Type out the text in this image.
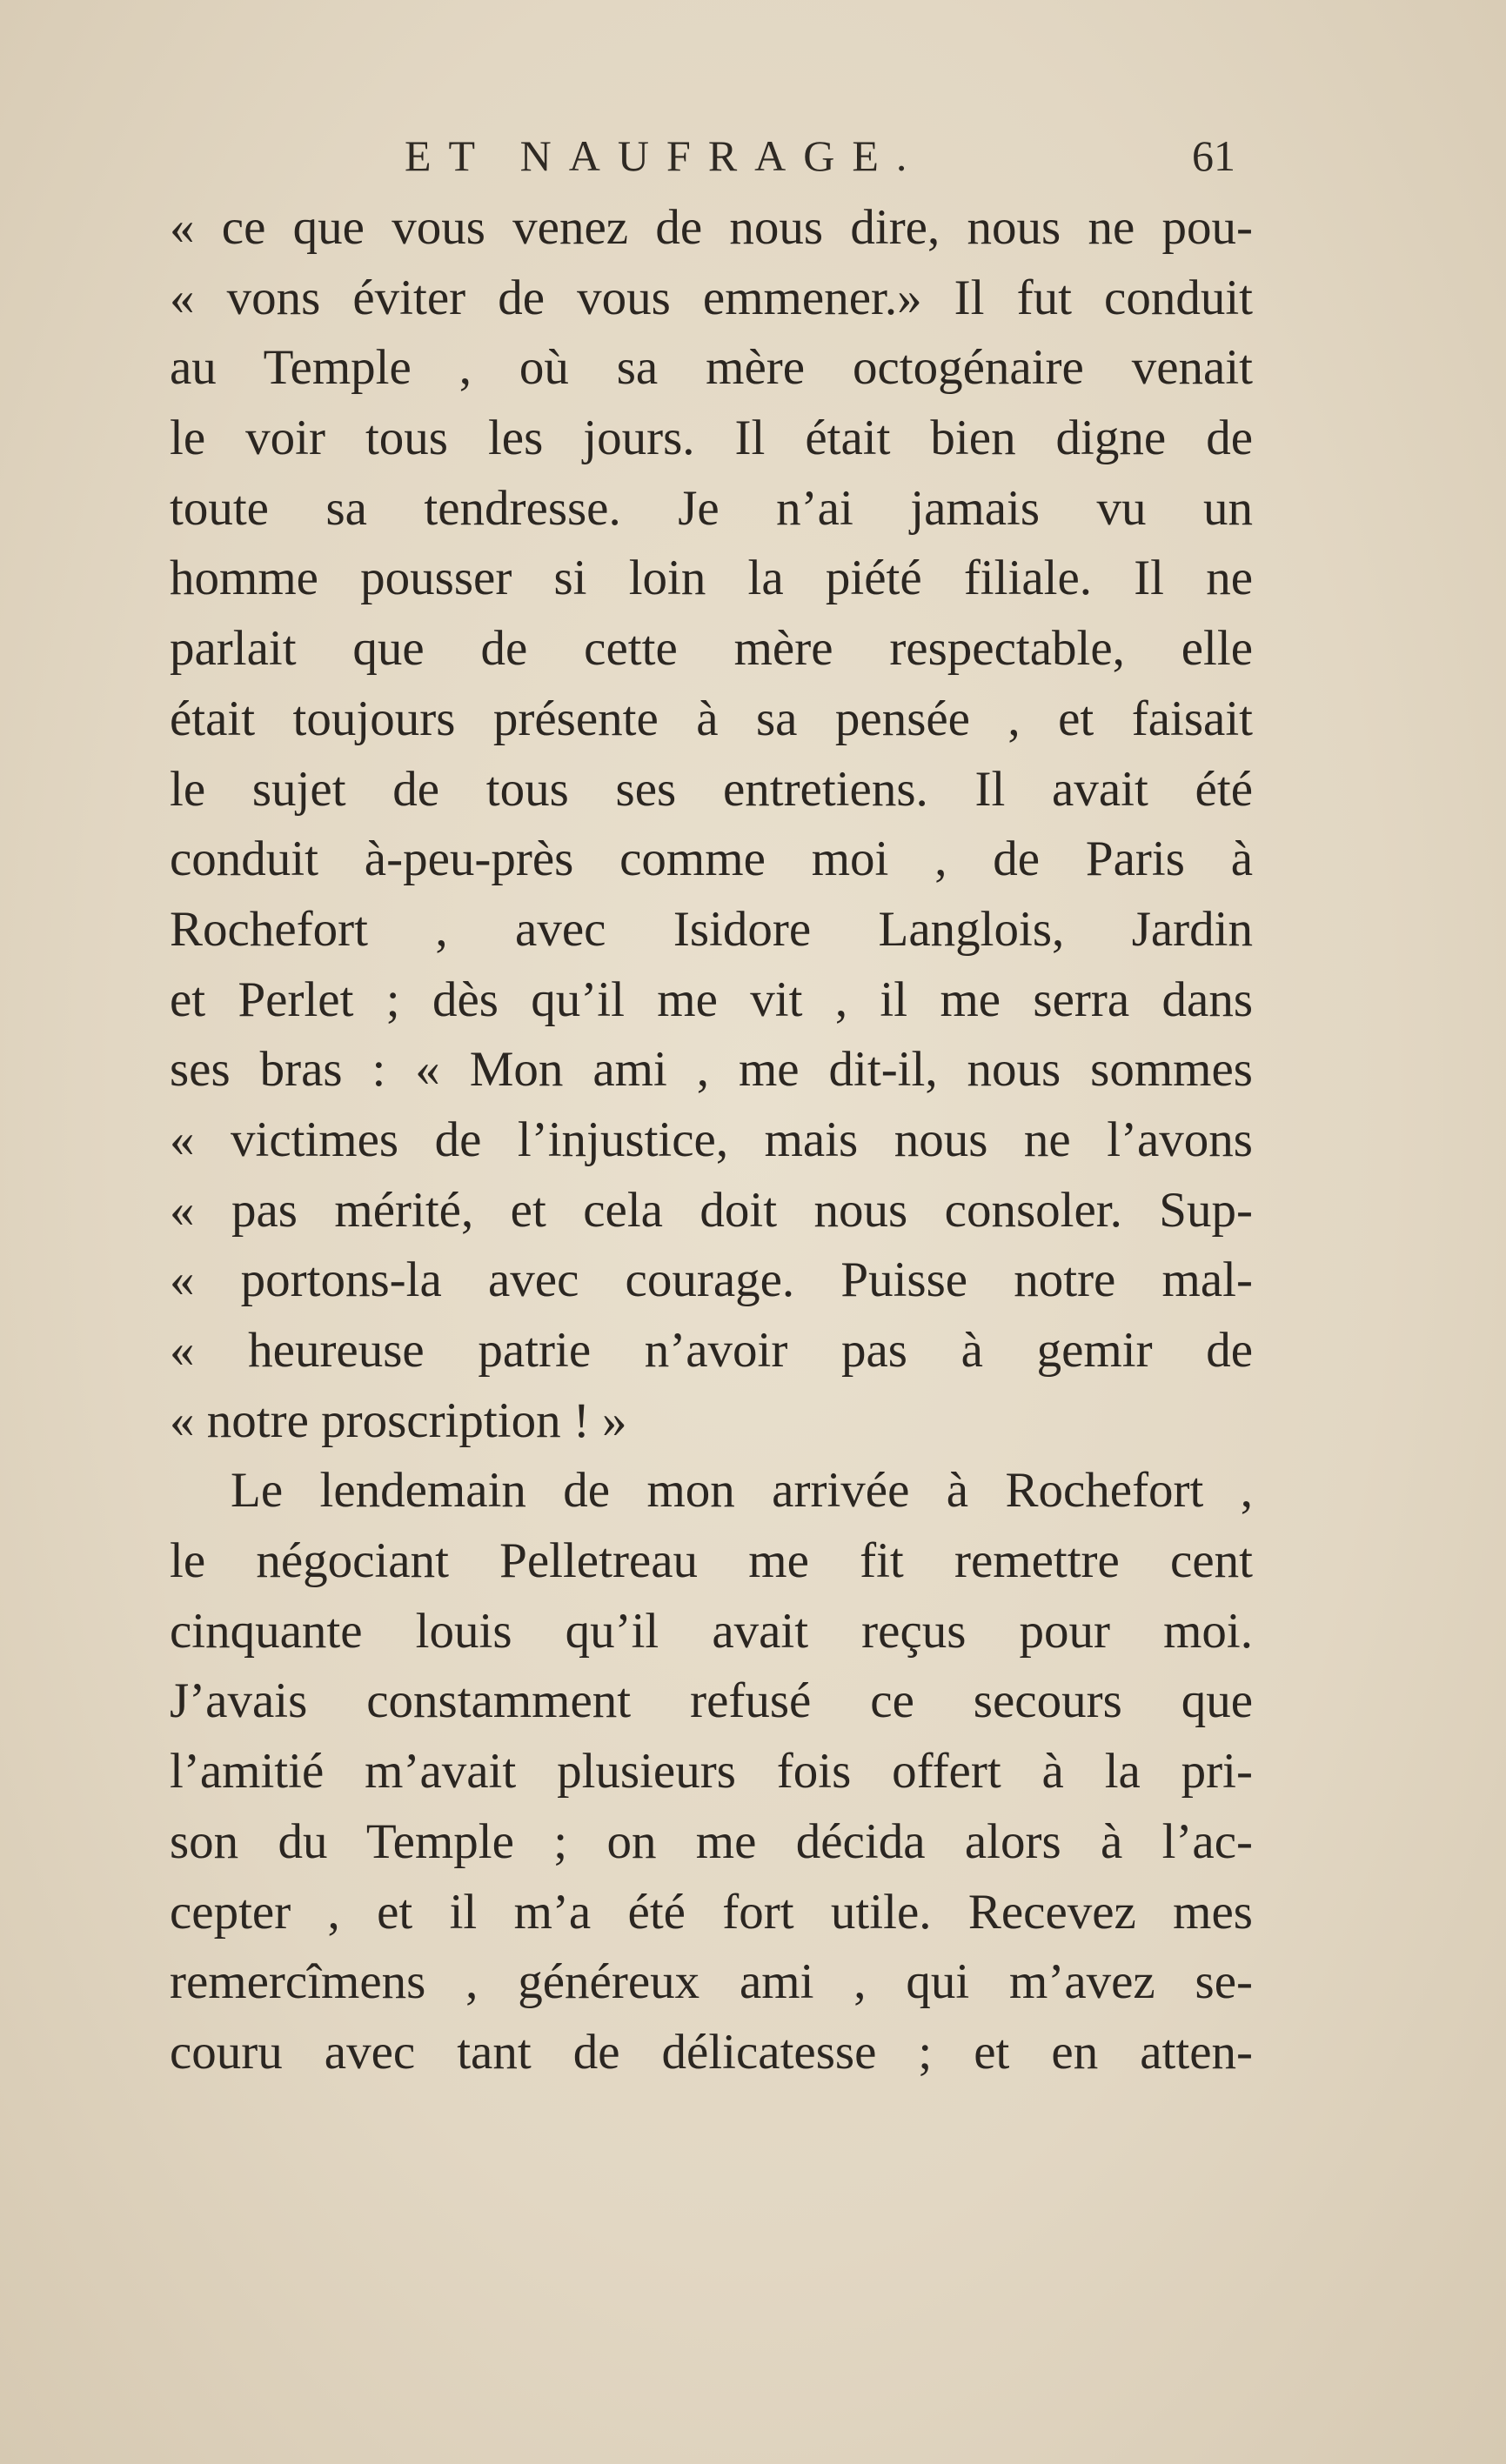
ET NAUFRAGE.	61
« ce que vous venez de nous dire, nous ne pou-
« vons éviter de vous emmener.» Il fut conduit
au Temple , où sa mère octogénaire venait
le voir tous les jours. Il était bien digne de
toute sa tendresse. Je n’ai jamais vu un
homme pousser si loin la piété filiale. Il ne
parlait que de cette mère respectable, elle
était toujours présente à sa pensée , et faisait
le sujet de tous ses entretiens. Il avait été
conduit à-peu-près comme moi , de Paris à
Rochefort , avec Isidore Langlois, Jardin
et Perlet ; dès qu’il me vit , il me serra dans
ses bras : « Mon ami , me dit-il, nous sommes
« victimes de l’injustice, mais nous ne l’avons
« pas mérité, et cela doit nous consoler. Sup-
« portons-la avec courage. Puisse notre mal-
« heureuse patrie n’avoir pas à gemir de
« notre proscription ! »
Le lendemain de mon arrivée à Rochefort ,
le négociant Pelletreau me fit remettre cent
cinquante louis qu’il avait reçus pour moi.
J’avais constamment refusé ce secours que
l’amitié m’avait plusieurs fois offert à la pri-
son du Temple ; on me décida alors à l’ac-
cepter , et il m’a été fort utile. Recevez mes
remercîmens , généreux ami , qui m’avez se-
couru avec tant de délicatesse ; et en atten-
